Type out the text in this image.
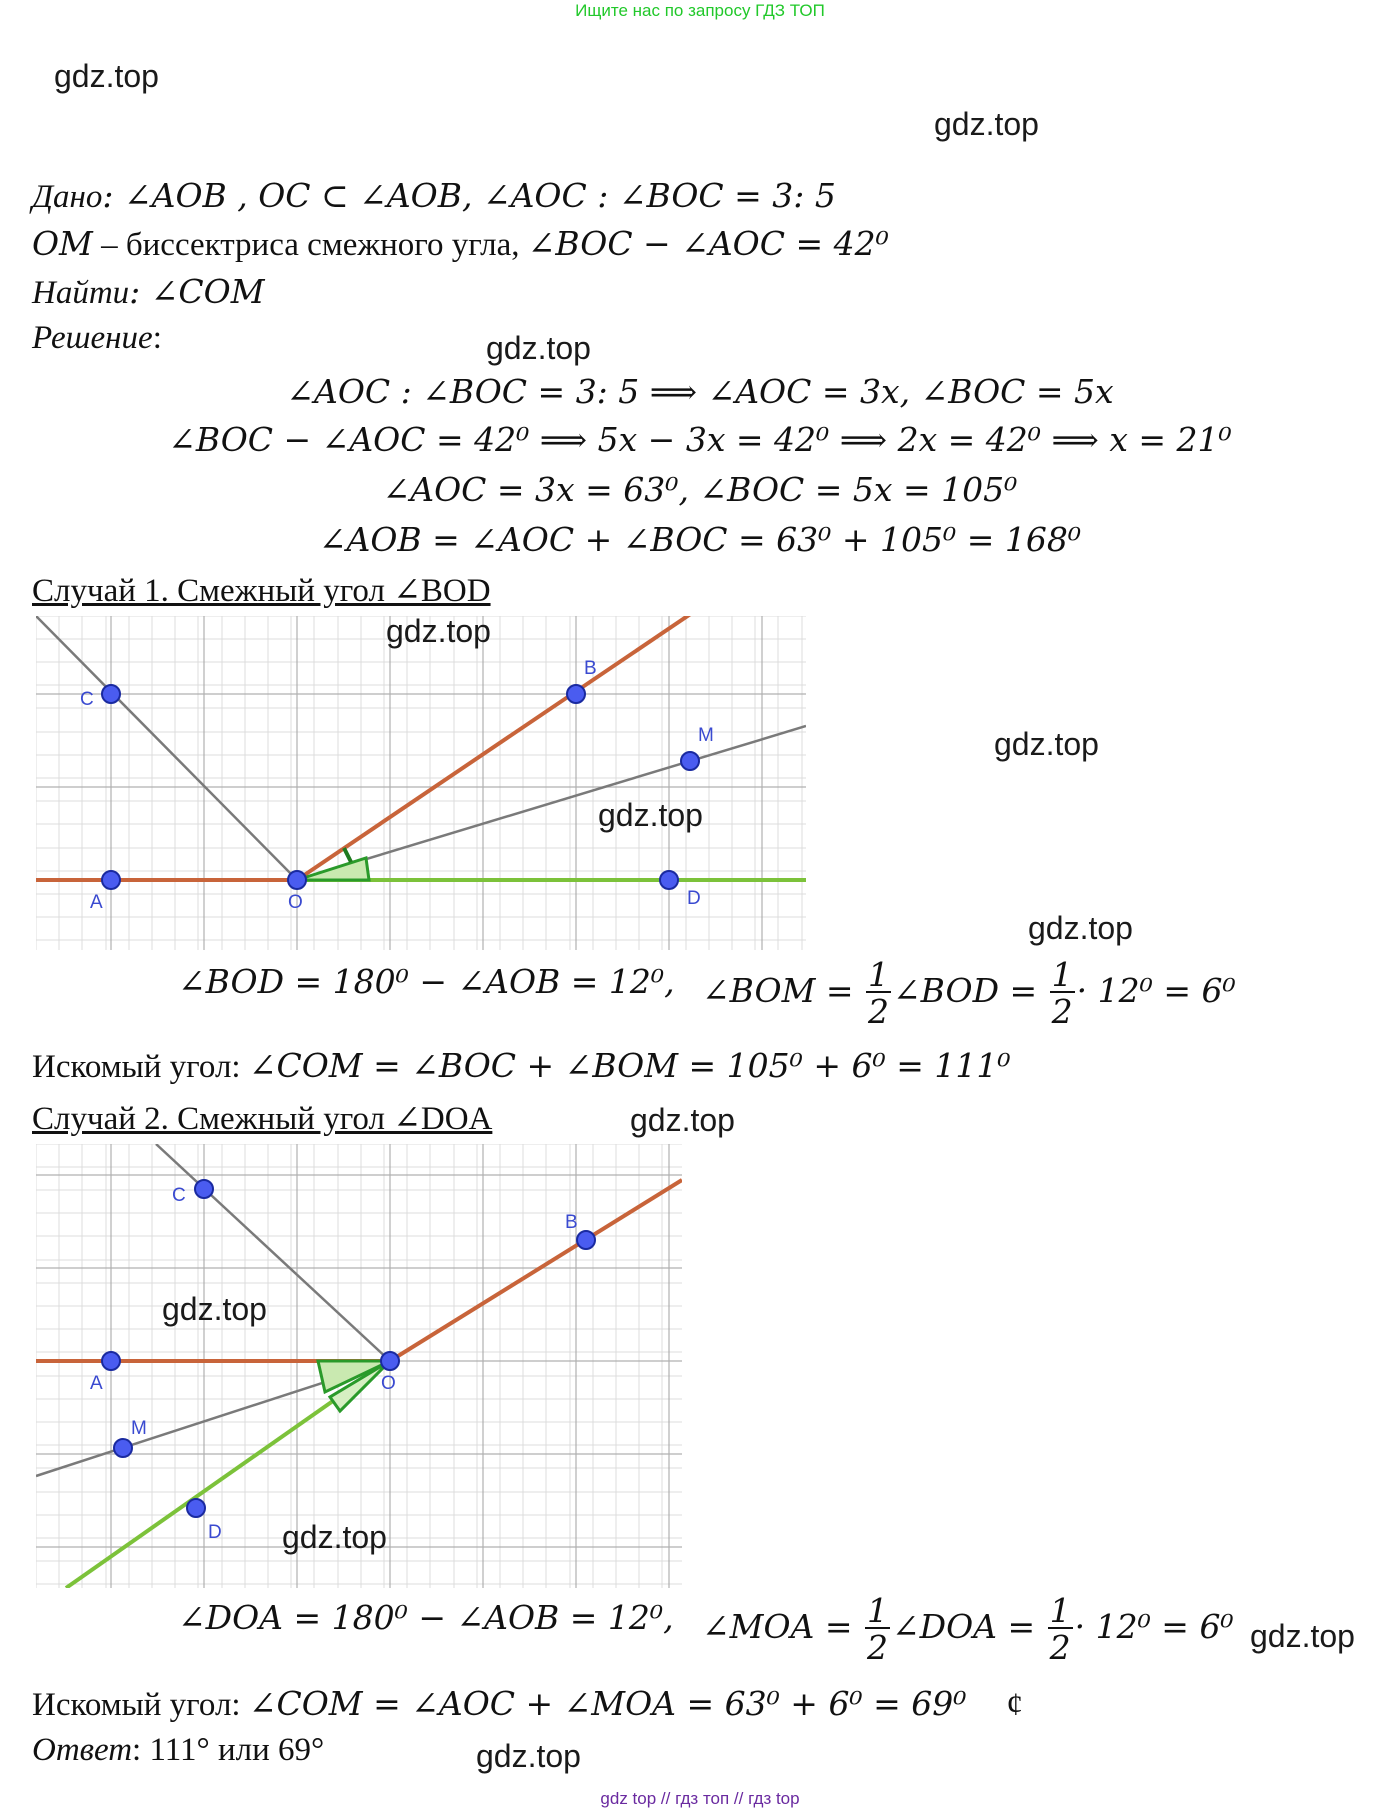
Ищите нас по запросу ГДЗ ТОП
gdz.top
gdz.top
gdz.top
Дано: ∠AOB , OC ⊂ ∠AOB, ∠AOC : ∠BOC = 3: 5
OM – биссектриса смежного угла, ∠BOC − ∠AOC = 42⁰
Найти: ∠COM
Решение:
∠AOC : ∠BOC = 3: 5 ⟹ ∠AOC = 3x, ∠BOC = 5x
∠BOC − ∠AOC = 42⁰ ⟹ 5x − 3x = 42⁰ ⟹ 2x = 42⁰ ⟹ x = 21⁰
∠AOC = 3x = 63⁰, ∠BOC = 5x = 105⁰
∠AOB = ∠AOC + ∠BOC = 63⁰ + 105⁰ = 168⁰
Случай 1. Смежный угол ∠BOD
A	O
B
C
D
M
gdz.top
gdz.top
gdz.top
gdz.top
∠BOD = 180⁰ − ∠AOB = 12⁰, ∠BOM = $\frac{1}{2}$ ∠BOD = $\frac{1}{2} \cdot 12^0 = 6^0$
Искомый угол: ∠COM = ∠BOC + ∠BOM = 105⁰ + 6⁰ = 111⁰
Случай 2. Смежный угол ∠DOA	gdz.top
A	O
B
C
D
M
gdz.top
gdz.top
∠DOA = 180⁰ − ∠AOB = 12⁰, ∠MOA = $\frac{1}{2}$ ∠DOA = $\frac{1}{2} \cdot 12^0 = 6^0$ gdz.top
Искомый угол: ∠COM = ∠AOC + ∠MOA = 63⁰ + 6⁰ = 69⁰ ¢
Ответ: 111° или 69°	gdz.top
gdz top // гдз топ // гдз top
